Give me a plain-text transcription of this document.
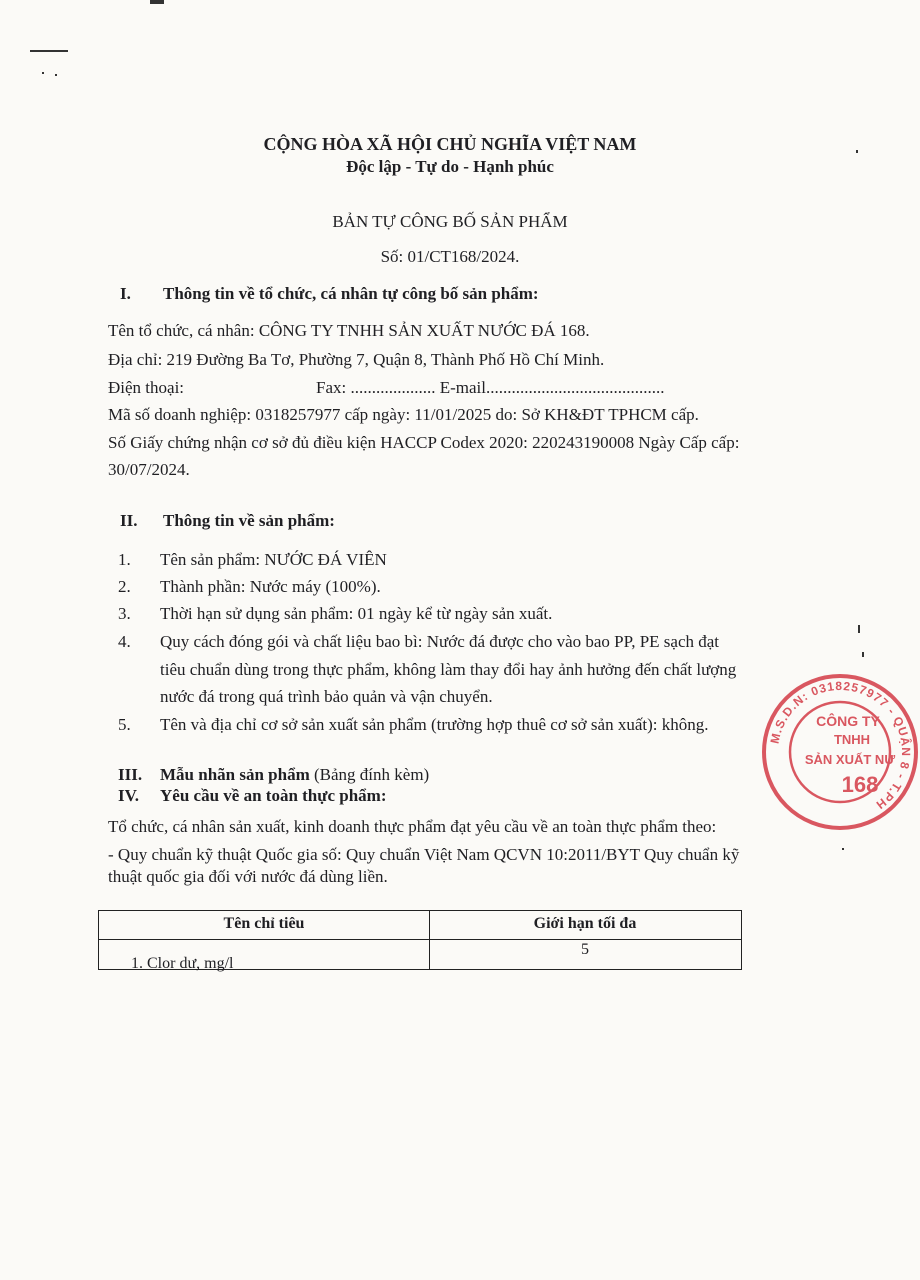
CỘNG HÒA XÃ HỘI CHỦ NGHĨA VIỆT NAM
Độc lập - Tự do - Hạnh phúc
BẢN TỰ CÔNG BỐ SẢN PHẨM
Số: 01/CT168/2024.
I. Thông tin về tổ chức, cá nhân tự công bố sản phẩm:
Tên tổ chức, cá nhân: CÔNG TY TNHH SẢN XUẤT NƯỚC ĐÁ 168.
Địa chỉ: 219 Đường Ba Tơ, Phường 7, Quận 8, Thành Phố Hồ Chí Minh.
Điện thoại:	Fax: .................... E-mail..........................................
Mã số doanh nghiệp: 0318257977 cấp ngày: 11/01/2025 do: Sở KH&ĐT TPHCM cấp.
Số Giấy chứng nhận cơ sở đủ điều kiện HACCP Codex 2020: 220243190008 Ngày Cấp cấp:
30/07/2024.
II. Thông tin về sản phẩm:
1. Tên sản phẩm: NƯỚC ĐÁ VIÊN
2. Thành phần: Nước máy (100%).
3. Thời hạn sử dụng sản phẩm: 01 ngày kể từ ngày sản xuất.
4. Quy cách đóng gói và chất liệu bao bì: Nước đá được cho vào bao PP, PE sạch đạt
tiêu chuẩn dùng trong thực phẩm, không làm thay đổi hay ảnh hưởng đến chất lượng
nước đá trong quá trình bảo quản và vận chuyển.
5. Tên và địa chỉ cơ sở sản xuất sản phẩm (trường hợp thuê cơ sở sản xuất): không.
III. Mẫu nhãn sản phẩm (Bảng đính kèm)
IV. Yêu cầu về an toàn thực phẩm:
Tổ chức, cá nhân sản xuất, kinh doanh thực phẩm đạt yêu cầu về an toàn thực phẩm theo:
- Quy chuẩn kỹ thuật Quốc gia số: Quy chuẩn Việt Nam QCVN 10:2011/BYT Quy chuẩn kỹ
thuật quốc gia đối với nước đá dùng liền.
Tên chỉ tiêu	Giới hạn tối đa
1. Clor dư, mg/l
5
M.S.D.N: 0318257977 - QUẬN 8 - T.PH
CÔNG TY
TNHH
SẢN XUẤT NƯ
168
